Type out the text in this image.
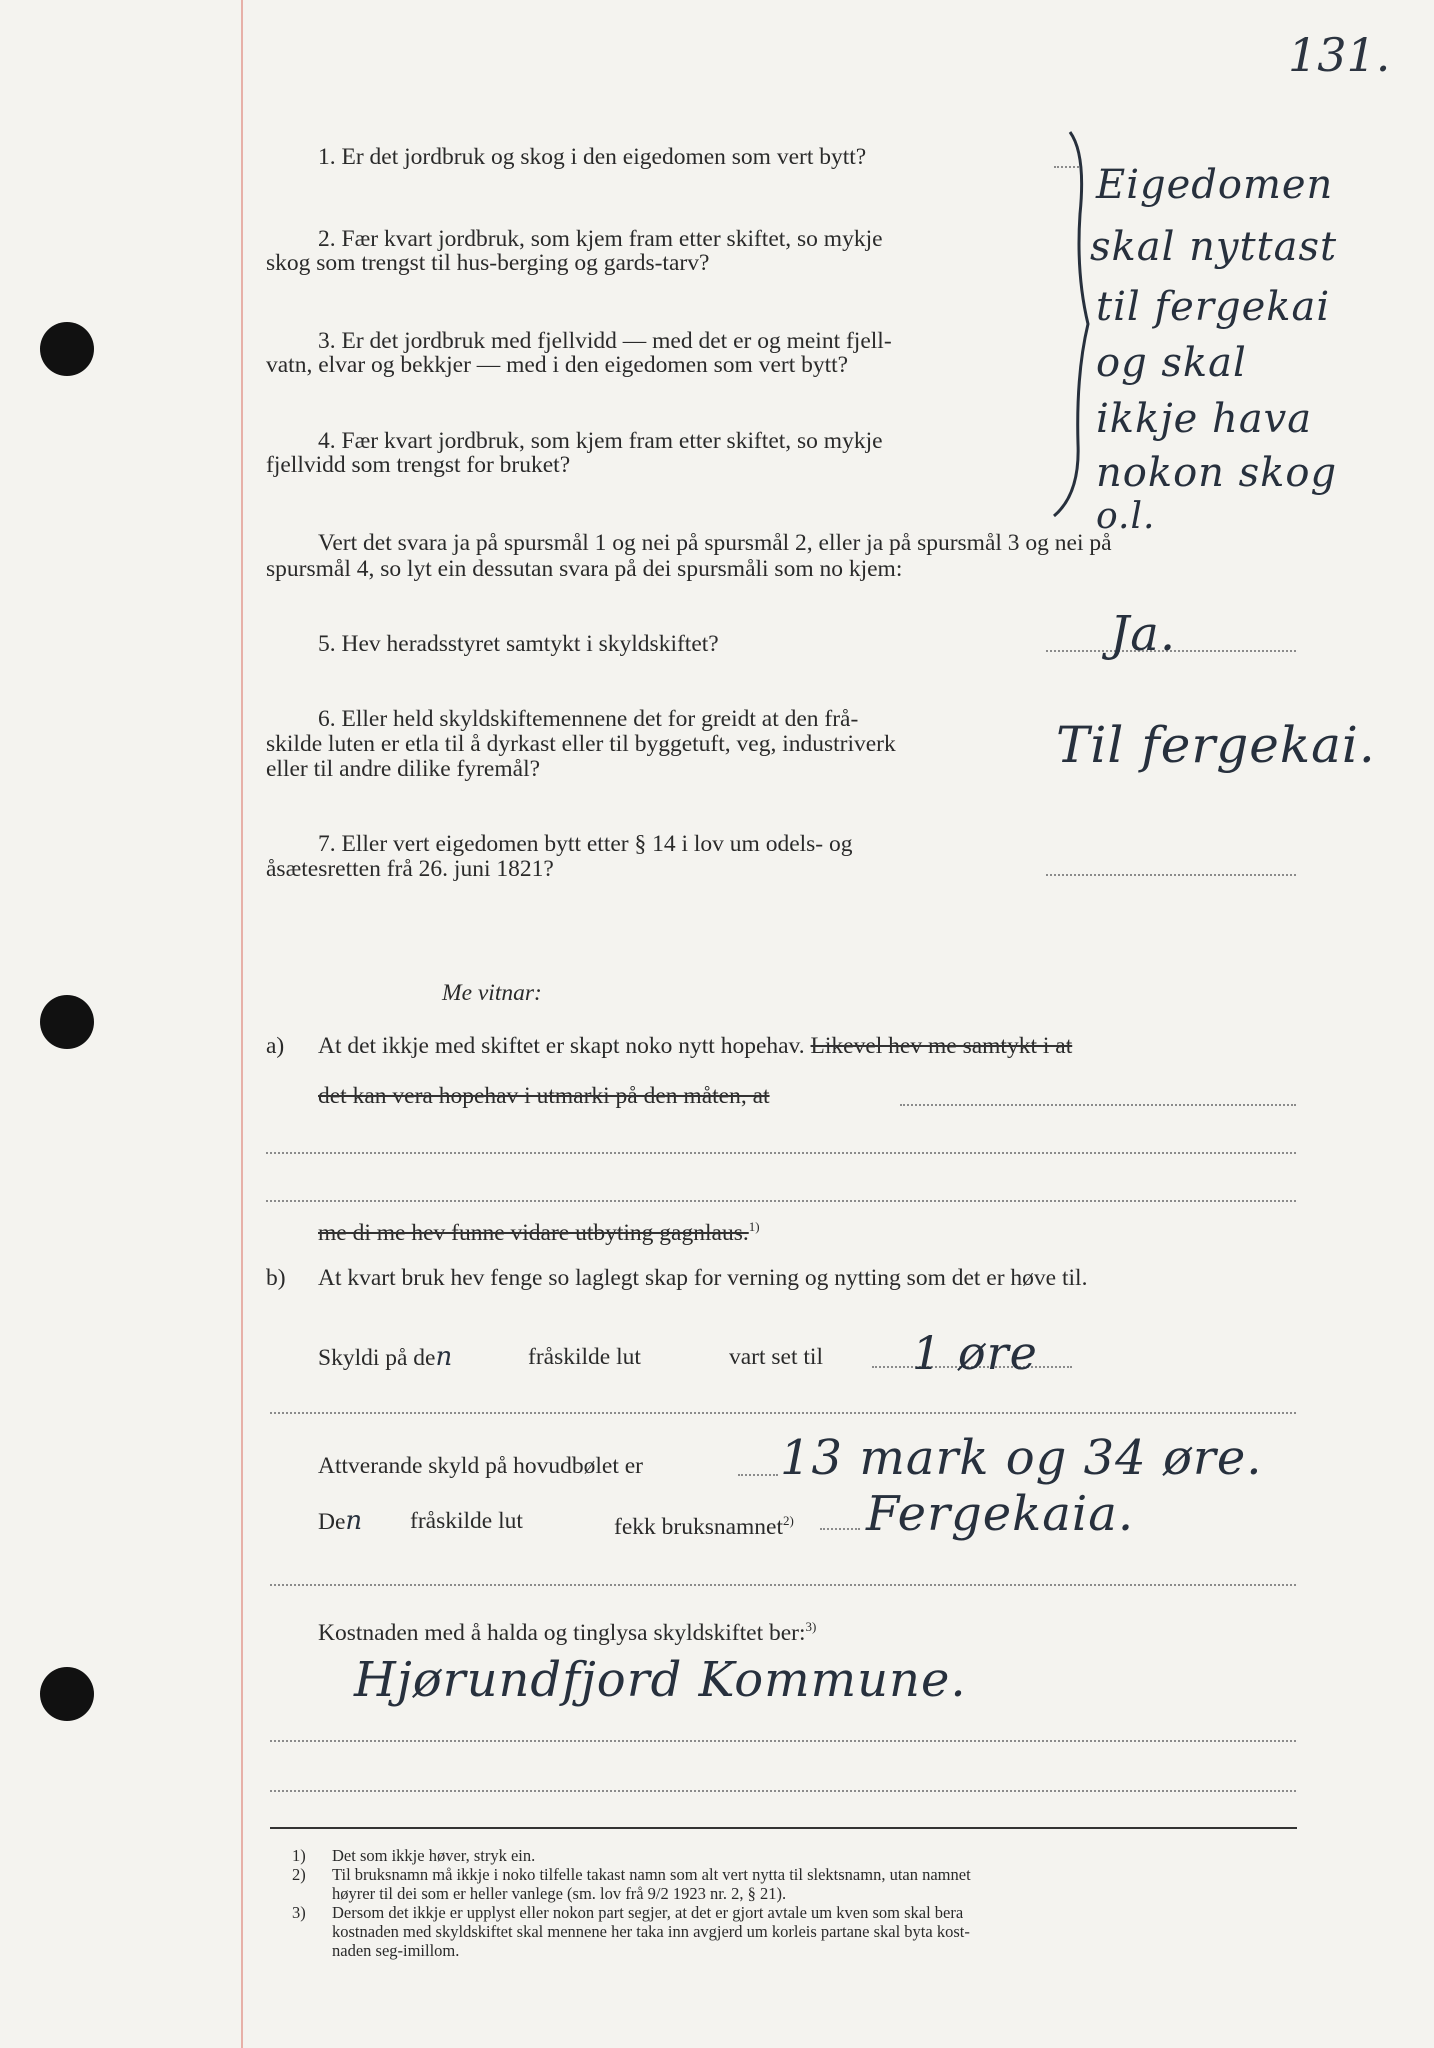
131.
1. Er det jordbruk og skog i den eigedomen som vert bytt?
2. Fær kvart jordbruk, som kjem fram etter skiftet, so mykje
skog som trengst til hus-berging og gards-tarv?
3. Er det jordbruk med fjellvidd — med det er og meint fjell-
vatn, elvar og bekkjer — med i den eigedomen som vert bytt?
4. Fær kvart jordbruk, som kjem fram etter skiftet, so mykje
fjellvidd som trengst for bruket?
Eigedomen
skal nyttast
til fergekai
og skal
ikkje hava
nokon skog
o.l.
Vert det svara ja på spursmål 1 og nei på spursmål 2, eller ja på spursmål 3 og nei på
spursmål 4, so lyt ein dessutan svara på dei spursmåli som no kjem:
5. Hev heradsstyret samtykt i skyldskiftet?	Ja.
6. Eller held skyldskiftemennene det for greidt at den frå-
skilde luten er etla til å dyrkast eller til byggetuft, veg, industriverk
eller til andre dilike fyremål?	Til fergekai.
7. Eller vert eigedomen bytt etter § 14 i lov um odels- og
åsætesretten frå 26. juni 1821?
Me vitnar:
a) At det ikkje med skiftet er skapt noko nytt hopehav. Likevel hev me samtykt i at
det kan vera hopehav i utmarki på den måten, at
me di me hev funne vidare utbyting gagnlaus.$^{1)}$
b) At kvart bruk hev fenge so laglegt skap for verning og nytting som det er høve til.
Skyldi på den	fråskilde lut	vart set til 1 øre
Attverande skyld på hovudbølet er	13 mark og 34 øre.
Den fråskilde lut	fekk bruksnamnet$^{2)}$ Fergekaia.
Kostnaden med å halda og tinglysa skyldskiftet ber:$^{3)}$
Hjørundfjord Kommune.
1) Det som ikkje høver, stryk ein.
2) Til bruksnamn må ikkje i noko tilfelle takast namn som alt vert nytta til slektsnamn, utan namnet
høyrer til dei som er heller vanlege (sm. lov frå 9/2 1923 nr. 2, § 21).
3) Dersom det ikkje er upplyst eller nokon part segjer, at det er gjort avtale um kven som skal bera
kostnaden med skyldskiftet skal mennene her taka inn avgjerd um korleis partane skal byta kost-
naden seg-imillom.
